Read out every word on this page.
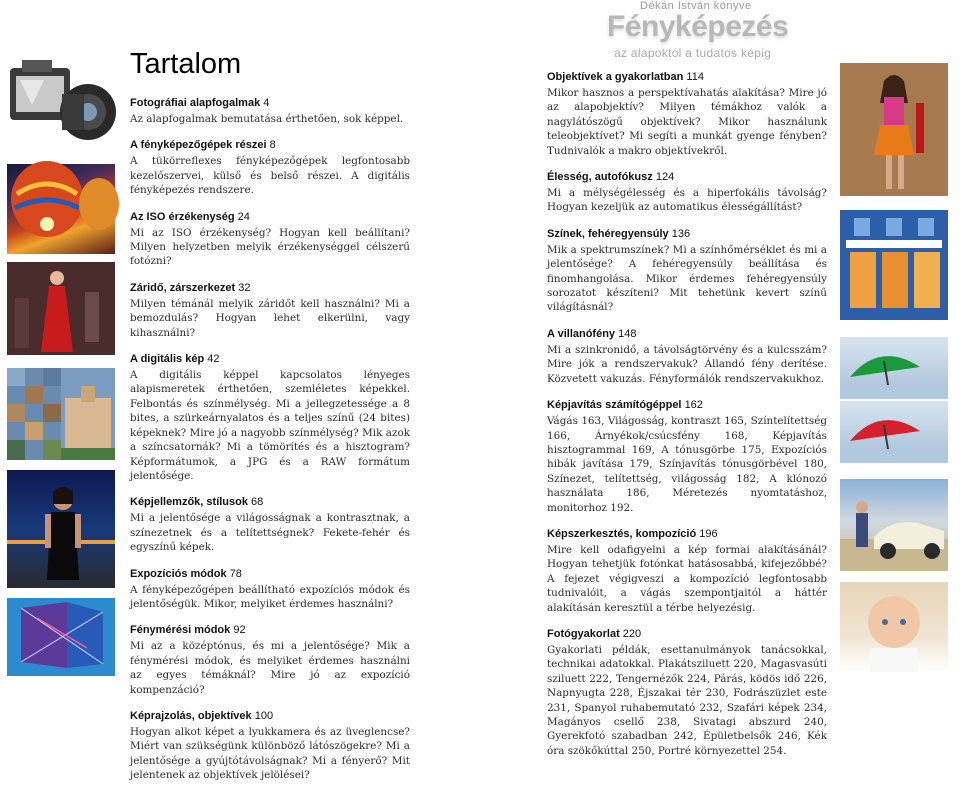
Dékán István könyve
Fényképezés
az alapoktól a tudatos képig
Tartalom
Fotográfiai alapfogalmak 4

Az alapfogalmak bemutatása érthetően, sok képpel.

A fényképezőgépek részei 8

A tükörreflexes fényképezőgépek legfontosabb kezelőszervei, külső és belső részei. A digitális fényképezés rendszere.

Az ISO érzékenység 24

Mi az ISO érzékenység? Hogyan kell beállítani? Milyen helyzetben melyik érzékenységgel célszerű fotózni?

Záridő, zárszerkezet 32

Milyen témánál melyik záridőt kell használni? Mi a bemozdulás? Hogyan lehet elkerülni, vagy kihasználni?

A digitális kép 42

A digitális képpel kapcsolatos lényeges alapismeretek érthetően, szemléletes képekkel. Felbontás és színmélység. Mi a jellegzetessége a 8 bites, a szürkeárnyalatos és a teljes színű (24 bites) képeknek? Mire jó a nagyobb színmélység? Mik azok a színcsatornák? Mi a tömörítés és a hisztogram? Képformátumok, a JPG és a RAW formátum jelentősége.

Képjellemzők, stílusok 68

Mi a jelentősége a világosságnak a kontrasztnak, a színezetnek és a telítettségnek? Fekete-fehér és egyszínű képek.

Expozíciós módok 78

A fényképezőgépen beállítható expozíciós módok és jelentőségük. Mikor, melyiket érdemes használni?

Fénymérési módok 92

Mi az a középtónus, és mi a jelentősége? Mik a fénymérési módok, és melyiket érdemes használni az egyes témáknál? Mire jó az expozíció kompenzáció?

Képrajzolás, objektívek 100

Hogyan alkot képet a lyukkamera és az üveglencse? Miért van szükségünk különböző látószögekre? Mi a jelentősége a gyújtótávolságnak? Mi a fényerő? Mit jelentenek az objektívek jelölései?

Objektívek a gyakorlatban 114

Mikor hasznos a perspektívahatás alakítása? Mire jó az alapobjektív? Milyen témákhoz valók a nagylátószögű objektívek? Mikor használunk teleobjektívet? Mi segíti a munkát gyenge fényben? Tudnivalók a makro objektívekről.

Élesség, autofókusz 124

Mi a mélységélesség és a hiperfokális távolság? Hogyan kezeljük az automatikus élességállítást?

Színek, fehéregyensúly 136

Mik a spektrumszínek? Mi a színhőmérséklet és mi a jelentősége? A fehéregyensúly beállítása és finomhangolása. Mikor érdemes fehéregyensúly sorozatot készíteni? Mit tehetünk kevert színű világításnál?

A villanófény 148

Mi a szinkronidő, a távolságtörvény és a kulcsszám? Mire jók a rendszervakuk? Állandó fény derítése. Közvetett vakuzás. Fényformálók rendszervakukhoz.

Képjavítás számítógéppel 162

Vágás 163, Világosság, kontraszt 165, Színtelítettség 166, Árnyékok/csúcsfény 168, Képjavítás hisztogrammal 169, A tónusgörbe 175, Expozíciós hibák javítása 179, Színjavítás tónusgörbével 180, Színezet, telítettség, világosság 182, A klónozó használata 186, Méretezés nyomtatáshoz, monitorhoz 192.

Képszerkesztés, kompozíció 196

Mire kell odafigyelni a kép formai alakításánál? Hogyan tehetjük fotónkat hatásosabbá, kifejezőbbé? A fejezet végigveszi a kompozíció legfontosabb tudnivalóit, a vágás szempontjaitól a háttér alakításán keresztül a térbe helyezésig.

Fotógyakorlat 220

Gyakorlati példák, esettanulmányok tanácsokkal, technikai adatokkal. Plakátsziluett 220, Magasvasúti sziluett 222, Tengernézők 224, Párás, ködös idő 226, Napnyugta 228, Éjszakai tér 230, Fodrászüzlet este 231, Spanyol ruhabemutató 232, Szafári képek 234, Magányos csellő 238, Sivatagi abszurd 240, Gyerekfotó szabadban 242, Épületbelsők 246, Kék óra szökőkúttal 250, Portré környezettel 254.
